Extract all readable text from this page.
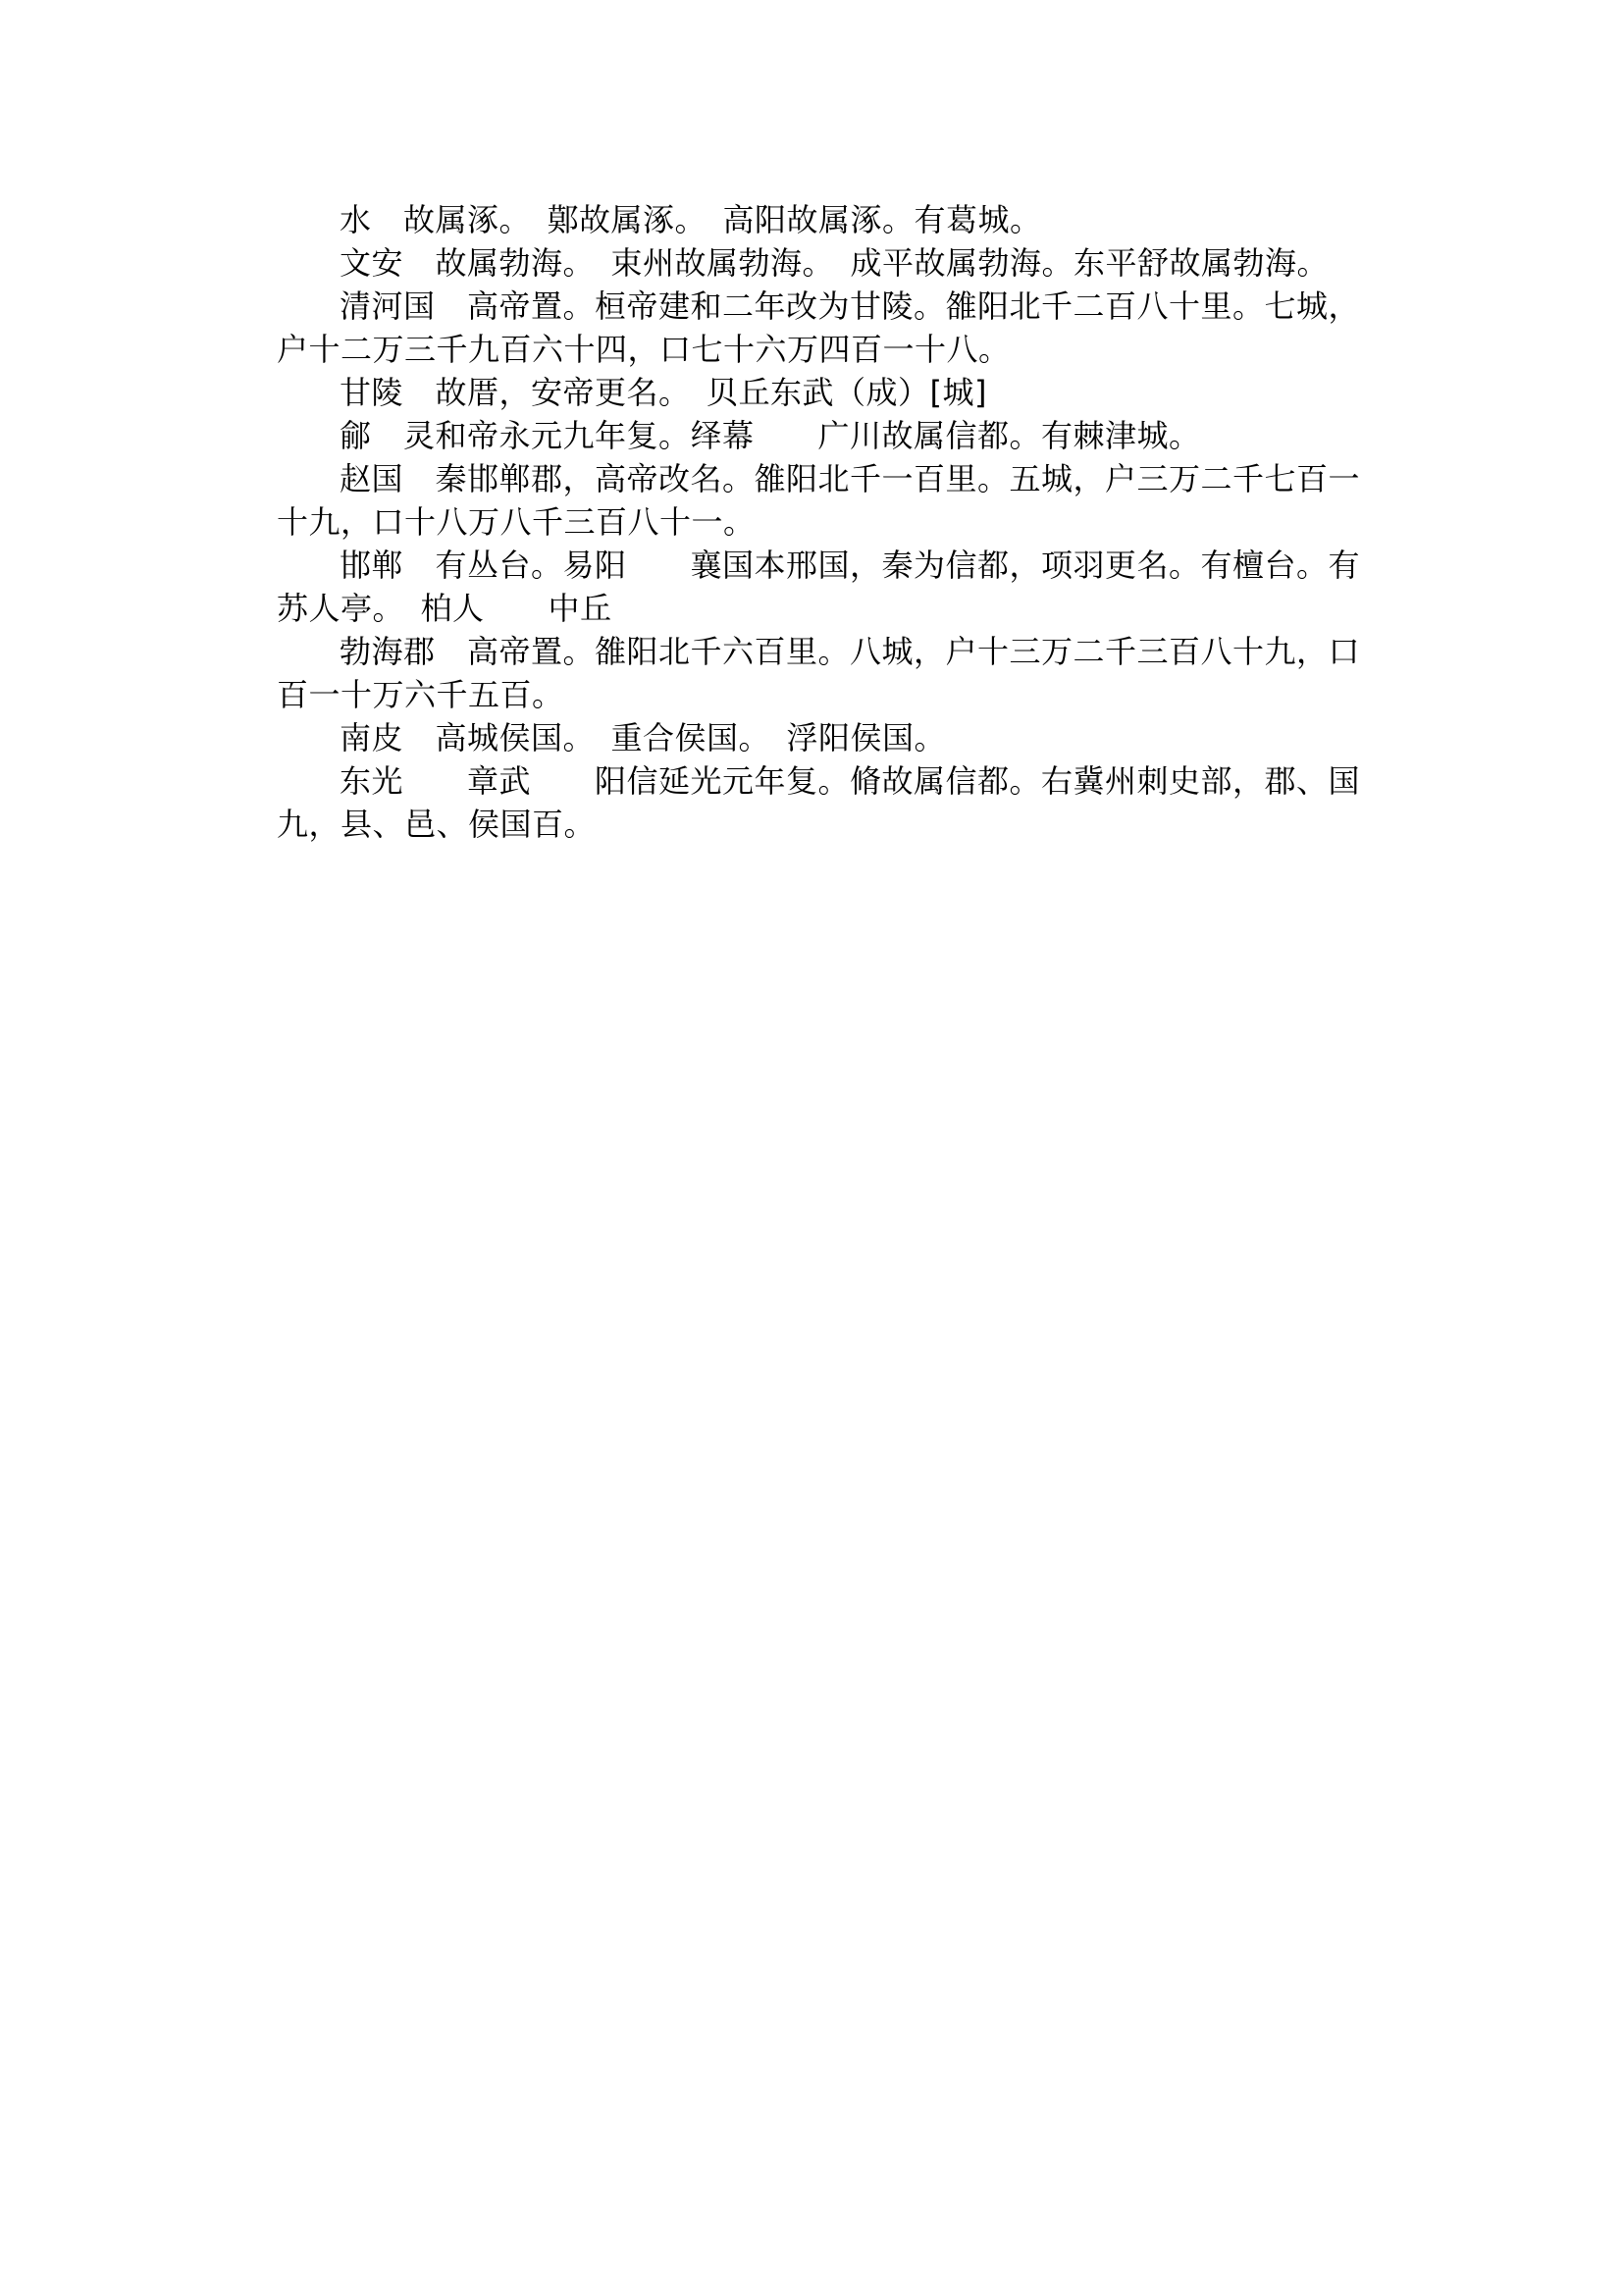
水　故属涿。　鄚故属涿。　高阳故属涿。有葛城。

文安　故属勃海。　束州故属勃海。　成平故属勃海。东平舒故属勃海。

清河国　高帝置。桓帝建和二年改为甘陵。雒阳北千二百八十里。七城，户十二万三千九百六十四，口七十六万四百一十八。

甘陵　故厝，安帝更名。　贝丘东武（成）[城]

鄃　灵和帝永元九年复。绎幕　　广川故属信都。有棘津城。

赵国　秦邯郸郡，高帝改名。雒阳北千一百里。五城，户三万二千七百一十九，口十八万八千三百八十一。

邯郸　有丛台。易阳　　襄国本邢国，秦为信都，项羽更名。有檀台。有苏人亭。　柏人　　中丘

勃海郡　高帝置。雒阳北千六百里。八城，户十三万二千三百八十九，口百一十万六千五百。

南皮　高城侯国。　重合侯国。　浮阳侯国。

东光　　章武　　阳信延光元年复。脩故属信都。右冀州刺史部，郡、国九，县、邑、侯国百。
